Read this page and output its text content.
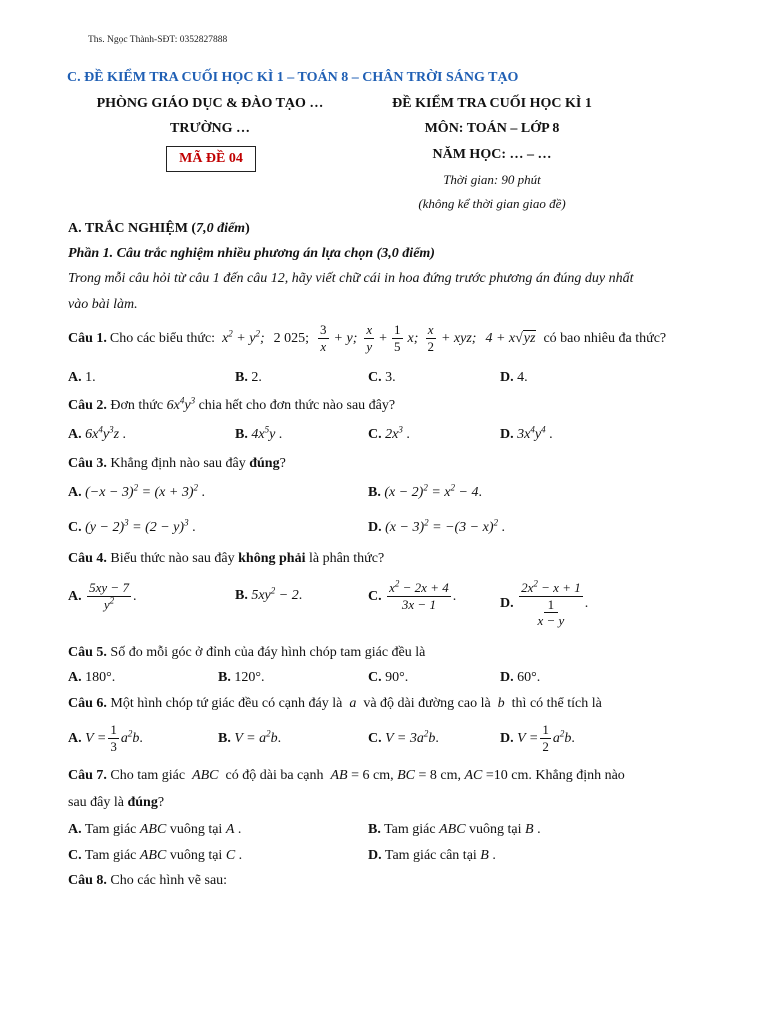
Ths. Ngọc Thành-SĐT: 0352827888
C. ĐỀ KIỂM TRA CUỐI HỌC KÌ 1 – TOÁN 8 – CHÂN TRỜI SÁNG TẠO
PHÒNG GIÁO DỤC & ĐÀO TẠO …
TRƯỜNG …
MÃ ĐỀ 04
ĐỀ KIỂM TRA CUỐI HỌC KÌ 1
MÔN: TOÁN – LỚP 8
NĂM HỌC: … – …
Thời gian: 90 phút
(không kể thời gian giao đề)
A. TRẮC NGHIỆM (7,0 điểm)
Phần 1. Câu trắc nghiệm nhiều phương án lựa chọn (3,0 điểm)
Trong mỗi câu hỏi từ câu 1 đến câu 12, hãy viết chữ cái in hoa đứng trước phương án đúng duy nhất
vào bài làm.
Câu 1. Cho các biểu thức: $x^2 + y^2$; 2 025; $\frac{3}{x} + y$; $\frac{x}{y} + \frac{1}{5} x$; $\frac{x}{2}$ + xyz; 4 + x√yz có bao nhiêu đa thức?
A. 1.	B. 2.	C. 3.	D. 4.
Câu 2. Đơn thức $6x^4y^3$ chia hết cho đơn thức nào sau đây?
A. $6x^4y^3z$ .	B. $4x^5y$ .	C. $2x^3$ .	D. $3x^4y^4$ .
Câu 3. Khẳng định nào sau đây đúng?
A. $(-x - 3)^2 = (x + 3)^2$ .	B. $(x - 2)^2 = x^2 - 4$.
C. $(y - 2)^3 = (2 - y)^3$ .	D. $(x - 3)^2 = -(3 - x)^2$ .
Câu 4. Biểu thức nào sau đây không phải là phân thức?
A.
$\frac{5xy - 7}{y^2}$ .	B. $5xy^2 - 2$.	C.
$\frac{x^2 - 2x + 4}{3x - 1}$ .	D.
$2x^2 - x + 1$
1
x − y .
Câu 5. Số đo mỗi góc ở đỉnh của đáy hình chóp tam giác đều là
A. 180°.	B. 120°.	C. 90°.	D. 60°.
Câu 6. Một hình chóp tứ giác đều có cạnh đáy là  a  và độ dài đường cao là  b  thì có thể tích là
A.
$V = \frac{1}{3} a^2b$ .	B. $V = a^2b$.	C. $V = 3a^2b$.	D.
$V = \frac{1}{2} a^2b$ .
Câu 7. Cho tam giác  ABC  có độ dài ba cạnh  AB = 6 cm, BC = 8 cm, AC =10 cm. Khẳng định nào
sau đây là đúng?
A. Tam giác ABC vuông tại A .	B. Tam giác ABC vuông tại B .
C. Tam giác ABC vuông tại C .	D. Tam giác cân tại B .
Câu 8. Cho các hình vẽ sau:
